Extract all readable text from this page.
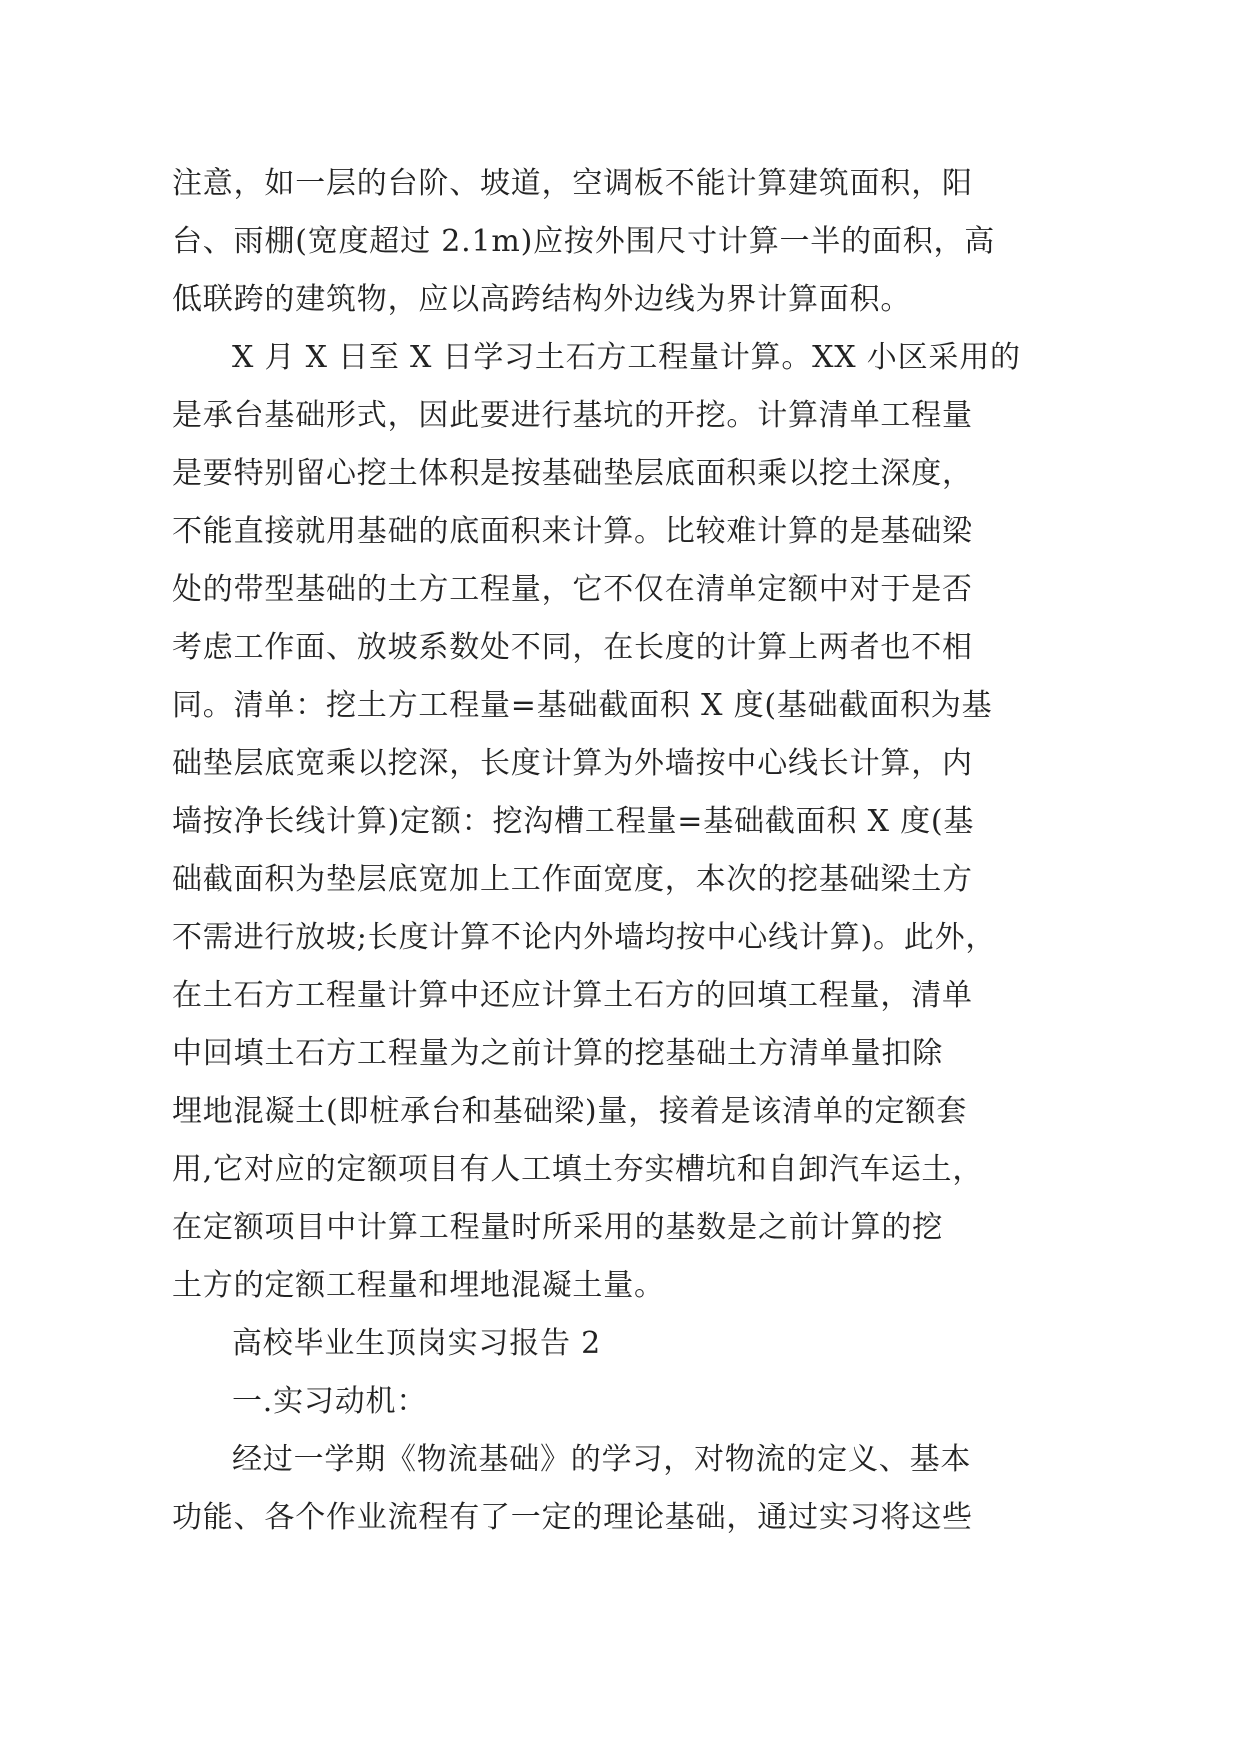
注意，如一层的台阶、坡道，空调板不能计算建筑面积，阳
台、雨棚(宽度超过 2.1m)应按外围尺寸计算一半的面积，高
低联跨的建筑物，应以高跨结构外边线为界计算面积。
X 月 X 日至 X 日学习土石方工程量计算。XX 小区采用的
是承台基础形式，因此要进行基坑的开挖。计算清单工程量
是要特别留心挖土体积是按基础垫层底面积乘以挖土深度，
不能直接就用基础的底面积来计算。比较难计算的是基础梁
处的带型基础的土方工程量，它不仅在清单定额中对于是否
考虑工作面、放坡系数处不同，在长度的计算上两者也不相
同。清单：挖土方工程量=基础截面积 X 度(基础截面积为基
础垫层底宽乘以挖深，长度计算为外墙按中心线长计算，内
墙按净长线计算)定额：挖沟槽工程量=基础截面积 X 度(基
础截面积为垫层底宽加上工作面宽度，本次的挖基础梁土方
不需进行放坡;长度计算不论内外墙均按中心线计算)。此外，
在土石方工程量计算中还应计算土石方的回填工程量，清单
中回填土石方工程量为之前计算的挖基础土方清单量扣除
埋地混凝土(即桩承台和基础梁)量，接着是该清单的定额套
用,它对应的定额项目有人工填土夯实槽坑和自卸汽车运土，
在定额项目中计算工程量时所采用的基数是之前计算的挖
土方的定额工程量和埋地混凝土量。
高校毕业生顶岗实习报告 2
一.实习动机：
经过一学期《物流基础》的学习，对物流的定义、基本
功能、各个作业流程有了一定的理论基础，通过实习将这些
